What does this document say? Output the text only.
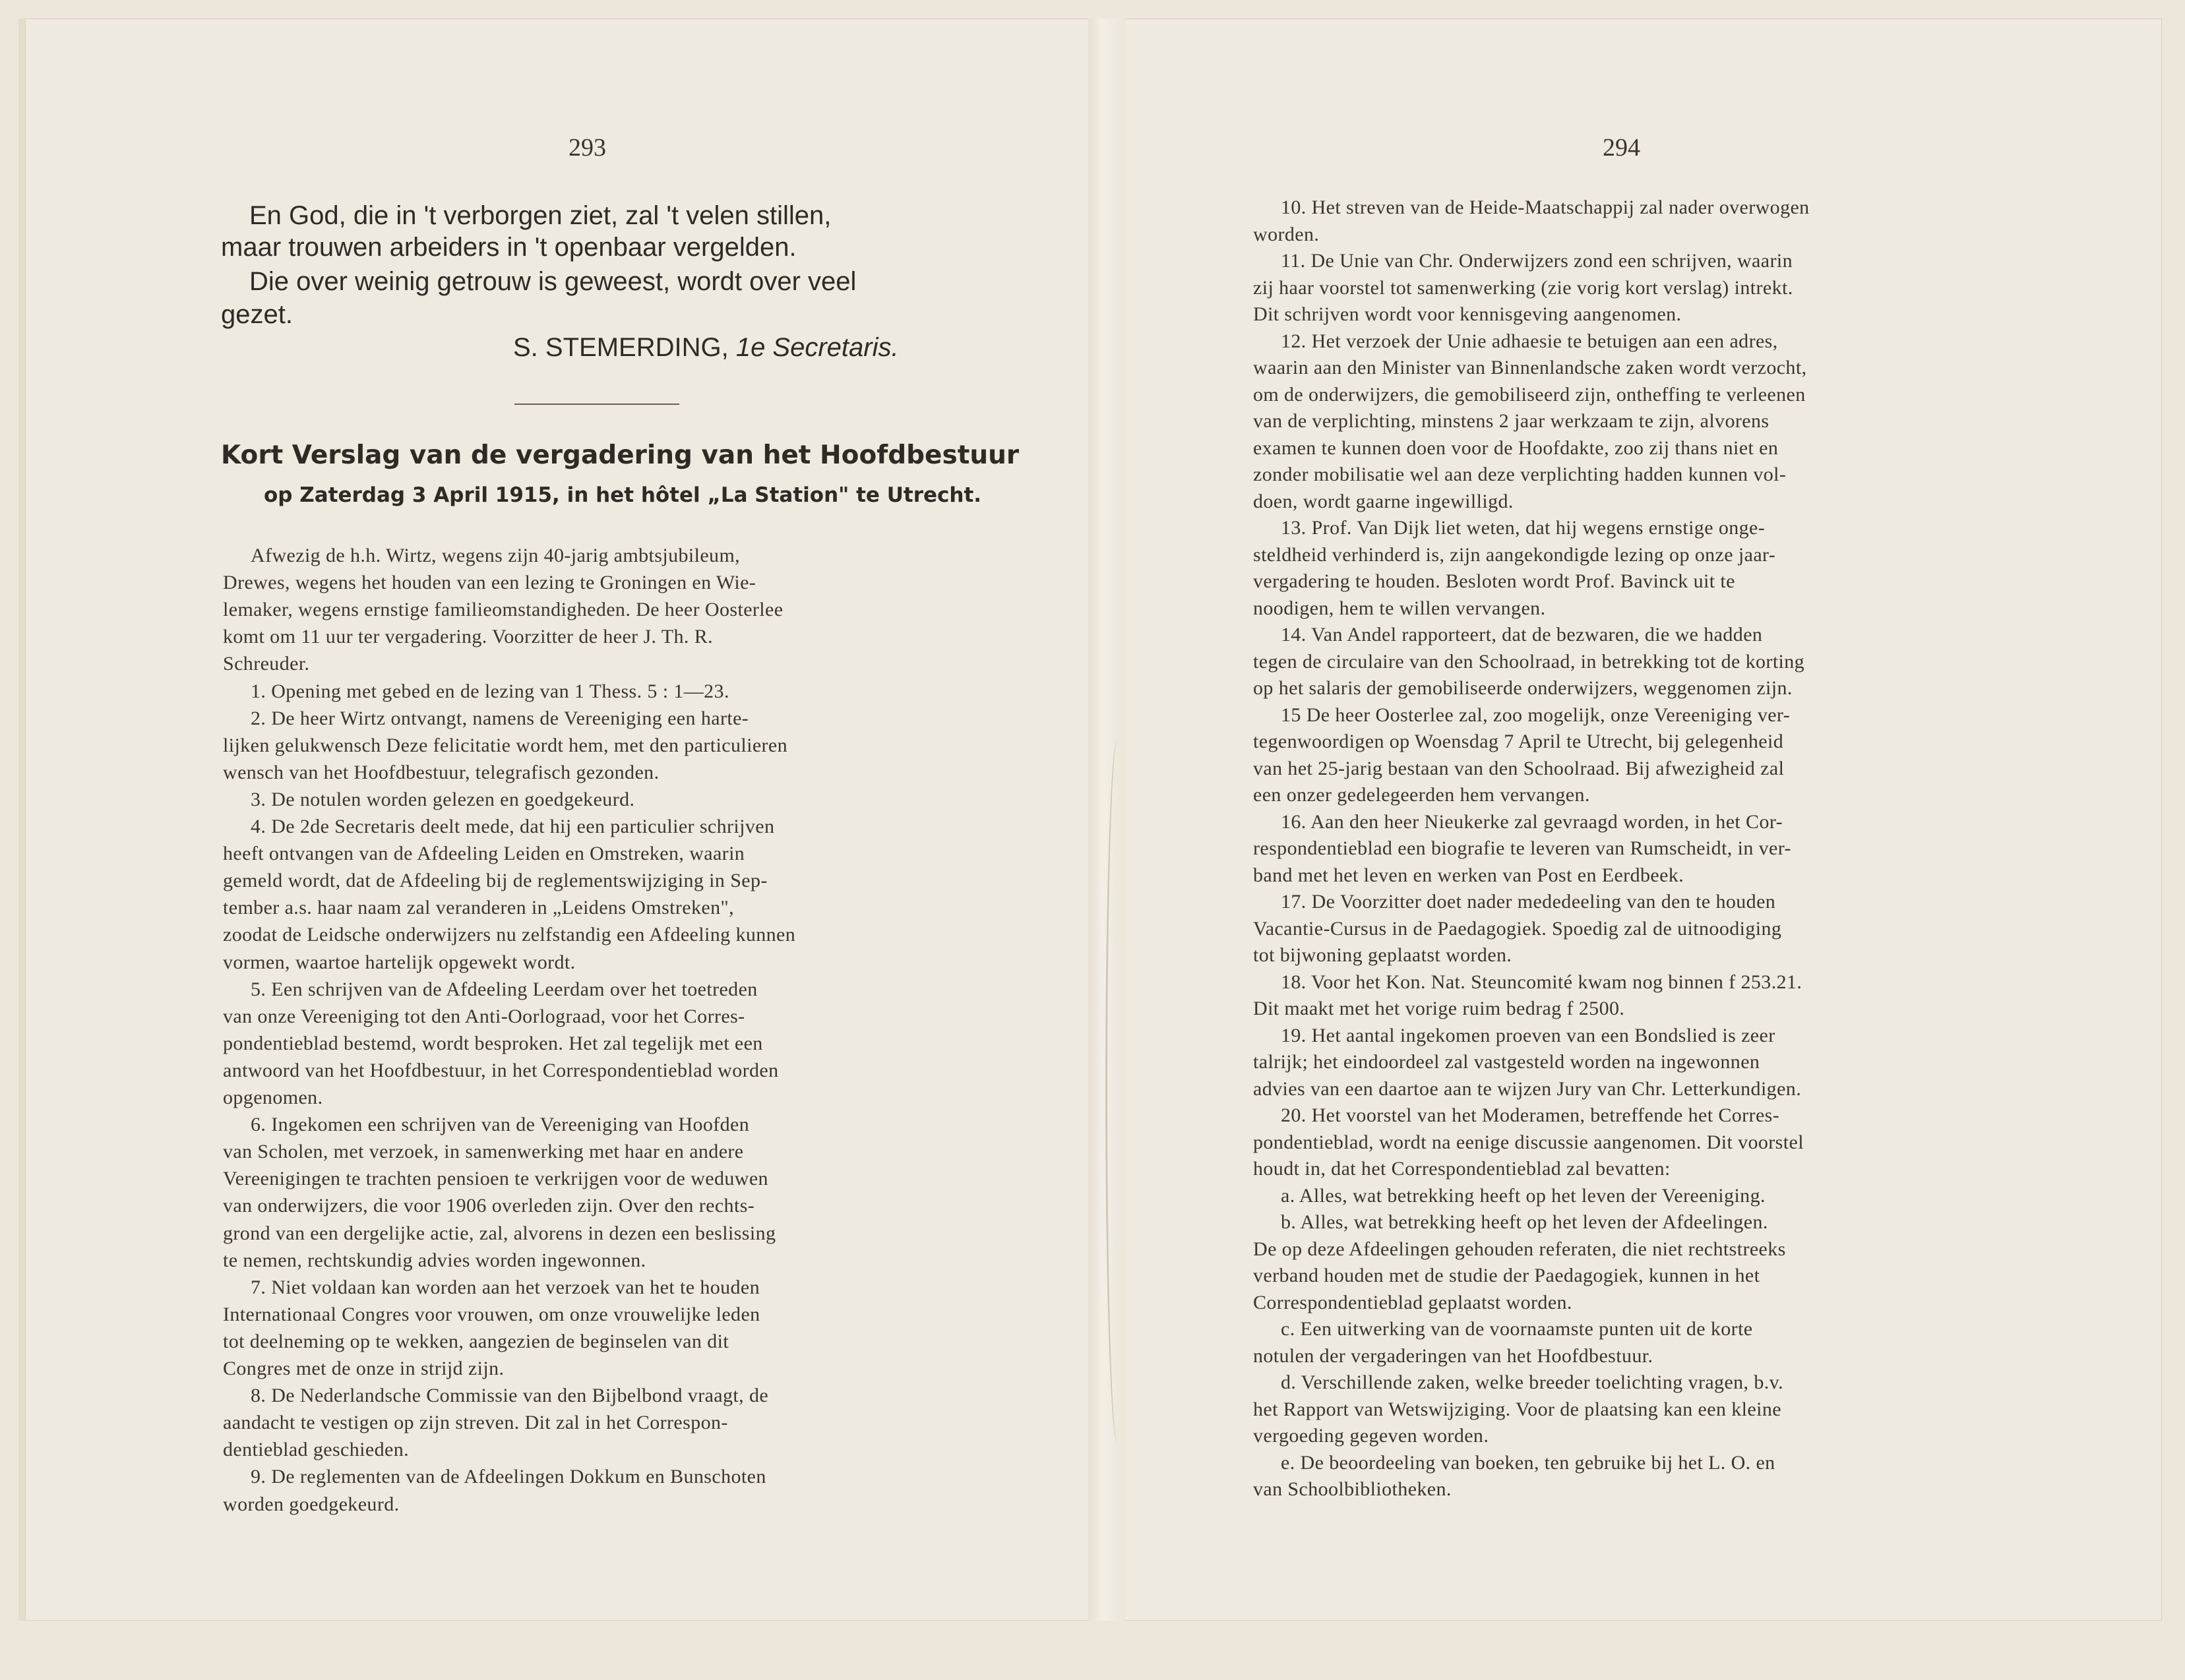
293
En God, die in 't verborgen ziet, zal 't velen stillen,
maar trouwen arbeiders in 't openbaar vergelden.
Die over weinig getrouw is geweest, wordt over veel
gezet.
S. STEMERDING, 1e Secretaris.
Kort Verslag van de vergadering van het Hoofdbestuur
op Zaterdag 3 April 1915, in het hôtel „La Station" te Utrecht.
Afwezig de h.h. Wirtz, wegens zijn 40-jarig ambtsjubileum,
Drewes, wegens het houden van een lezing te Groningen en Wie-
lemaker, wegens ernstige familieomstandigheden. De heer Oosterlee
komt om 11 uur ter vergadering. Voorzitter de heer J. Th. R.
Schreuder.
1. Opening met gebed en de lezing van 1 Thess. 5 : 1—23.
2. De heer Wirtz ontvangt, namens de Vereeniging een harte-
lijken gelukwensch Deze felicitatie wordt hem, met den particulieren
wensch van het Hoofdbestuur, telegrafisch gezonden.
3. De notulen worden gelezen en goedgekeurd.
4. De 2de Secretaris deelt mede, dat hij een particulier schrijven
heeft ontvangen van de Afdeeling Leiden en Omstreken, waarin
gemeld wordt, dat de Afdeeling bij de reglementswijziging in Sep-
tember a.s. haar naam zal veranderen in „Leidens Omstreken",
zoodat de Leidsche onderwijzers nu zelfstandig een Afdeeling kunnen
vormen, waartoe hartelijk opgewekt wordt.
5. Een schrijven van de Afdeeling Leerdam over het toetreden
van onze Vereeniging tot den Anti-Oorlograad, voor het Corres-
pondentieblad bestemd, wordt besproken. Het zal tegelijk met een
antwoord van het Hoofdbestuur, in het Correspondentieblad worden
opgenomen.
6. Ingekomen een schrijven van de Vereeniging van Hoofden
van Scholen, met verzoek, in samenwerking met haar en andere
Vereenigingen te trachten pensioen te verkrijgen voor de weduwen
van onderwijzers, die voor 1906 overleden zijn. Over den rechts-
grond van een dergelijke actie, zal, alvorens in dezen een beslissing
te nemen, rechtskundig advies worden ingewonnen.
7. Niet voldaan kan worden aan het verzoek van het te houden
Internationaal Congres voor vrouwen, om onze vrouwelijke leden
tot deelneming op te wekken, aangezien de beginselen van dit
Congres met de onze in strijd zijn.
8. De Nederlandsche Commissie van den Bijbelbond vraagt, de
aandacht te vestigen op zijn streven. Dit zal in het Correspon-
dentieblad geschieden.
9. De reglementen van de Afdeelingen Dokkum en Bunschoten
worden goedgekeurd.
294
10. Het streven van de Heide-Maatschappij zal nader overwogen
worden.
11. De Unie van Chr. Onderwijzers zond een schrijven, waarin
zij haar voorstel tot samenwerking (zie vorig kort verslag) intrekt.
Dit schrijven wordt voor kennisgeving aangenomen.
12. Het verzoek der Unie adhaesie te betuigen aan een adres,
waarin aan den Minister van Binnenlandsche zaken wordt verzocht,
om de onderwijzers, die gemobiliseerd zijn, ontheffing te verleenen
van de verplichting, minstens 2 jaar werkzaam te zijn, alvorens
examen te kunnen doen voor de Hoofdakte, zoo zij thans niet en
zonder mobilisatie wel aan deze verplichting hadden kunnen vol-
doen, wordt gaarne ingewilligd.
13. Prof. Van Dijk liet weten, dat hij wegens ernstige onge-
steldheid verhinderd is, zijn aangekondigde lezing op onze jaar-
vergadering te houden. Besloten wordt Prof. Bavinck uit te
noodigen, hem te willen vervangen.
14. Van Andel rapporteert, dat de bezwaren, die we hadden
tegen de circulaire van den Schoolraad, in betrekking tot de korting
op het salaris der gemobiliseerde onderwijzers, weggenomen zijn.
15 De heer Oosterlee zal, zoo mogelijk, onze Vereeniging ver-
tegenwoordigen op Woensdag 7 April te Utrecht, bij gelegenheid
van het 25-jarig bestaan van den Schoolraad. Bij afwezigheid zal
een onzer gedelegeerden hem vervangen.
16. Aan den heer Nieukerke zal gevraagd worden, in het Cor-
respondentieblad een biografie te leveren van Rumscheidt, in ver-
band met het leven en werken van Post en Eerdbeek.
17. De Voorzitter doet nader mededeeling van den te houden
Vacantie-Cursus in de Paedagogiek. Spoedig zal de uitnoodiging
tot bijwoning geplaatst worden.
18. Voor het Kon. Nat. Steuncomité kwam nog binnen f 253.21.
Dit maakt met het vorige ruim bedrag f 2500.
19. Het aantal ingekomen proeven van een Bondslied is zeer
talrijk; het eindoordeel zal vastgesteld worden na ingewonnen
advies van een daartoe aan te wijzen Jury van Chr. Letterkundigen.
20. Het voorstel van het Moderamen, betreffende het Corres-
pondentieblad, wordt na eenige discussie aangenomen. Dit voorstel
houdt in, dat het Correspondentieblad zal bevatten:
a. Alles, wat betrekking heeft op het leven der Vereeniging.
b. Alles, wat betrekking heeft op het leven der Afdeelingen.
De op deze Afdeelingen gehouden referaten, die niet rechtstreeks
verband houden met de studie der Paedagogiek, kunnen in het
Correspondentieblad geplaatst worden.
c. Een uitwerking van de voornaamste punten uit de korte
notulen der vergaderingen van het Hoofdbestuur.
d. Verschillende zaken, welke breeder toelichting vragen, b.v.
het Rapport van Wetswijziging. Voor de plaatsing kan een kleine
vergoeding gegeven worden.
e. De beoordeeling van boeken, ten gebruike bij het L. O. en
van Schoolbibliotheken.
